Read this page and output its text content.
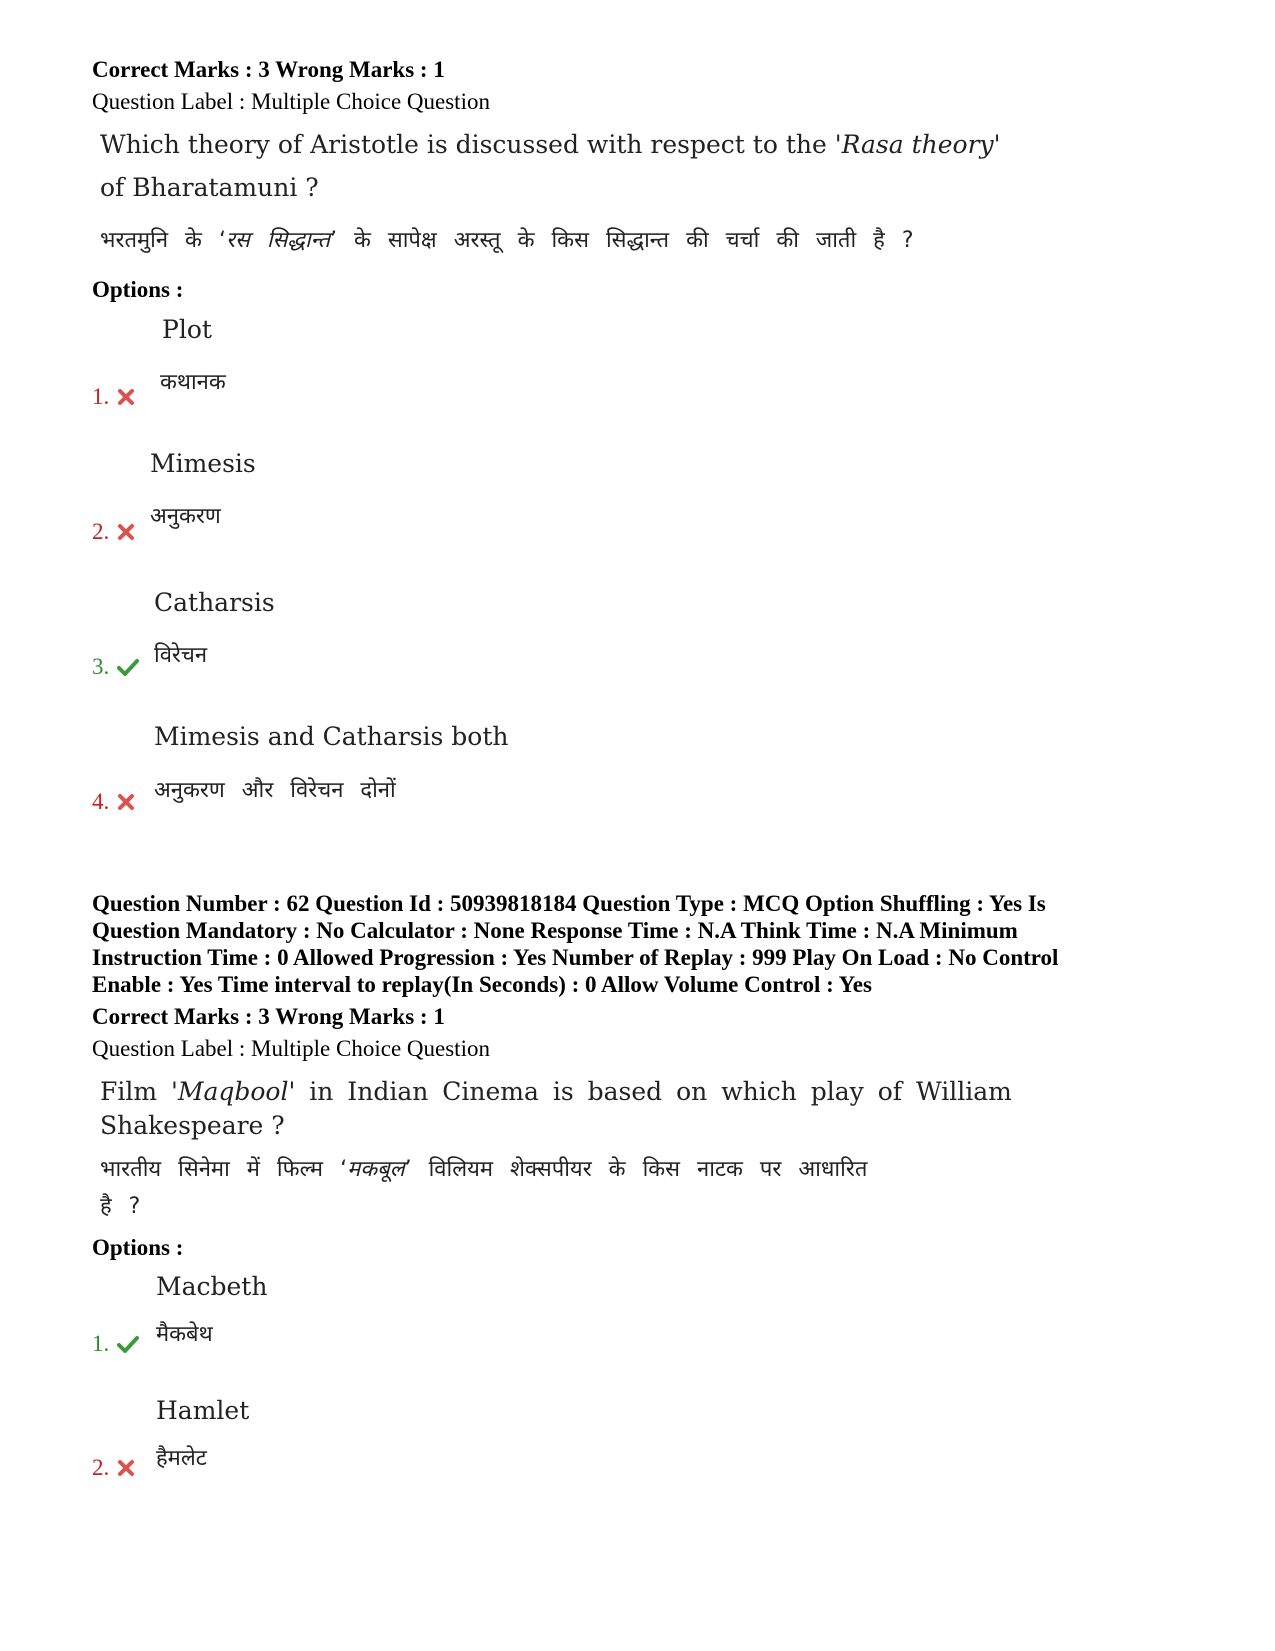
Correct Marks : 3 Wrong Marks : 1
Question Label : Multiple Choice Question
Which theory of Aristotle is discussed with respect to the 'Rasa theory'
of Bharatamuni ?
भरतमुनि के ‘रस सिद्धान्त’ के सापेक्ष अरस्तू के किस सिद्धान्त की चर्चा की जाती है ?
Options :
Plot
कथानक
1.
Mimesis
अनुकरण
2.
Catharsis
विरेचन
3.
Mimesis and Catharsis both
अनुकरण और विरेचन दोनों
4.
Question Number : 62 Question Id : 50939818184 Question Type : MCQ Option Shuffling : Yes Is
Question Mandatory : No Calculator : None Response Time : N.A Think Time : N.A Minimum
Instruction Time : 0 Allowed Progression : Yes Number of Replay : 999 Play On Load : No Control
Enable : Yes Time interval to replay(In Seconds) : 0 Allow Volume Control : Yes
Correct Marks : 3 Wrong Marks : 1
Question Label : Multiple Choice Question
Film 'Maqbool' in Indian Cinema is based on which play of William
Shakespeare ?
भारतीय सिनेमा में फिल्म ‘मकबूल’ विलियम शेक्सपीयर के किस नाटक पर आधारित
है ?
Options :
Macbeth
मैकबेथ
1.
Hamlet
हैमलेट
2.
